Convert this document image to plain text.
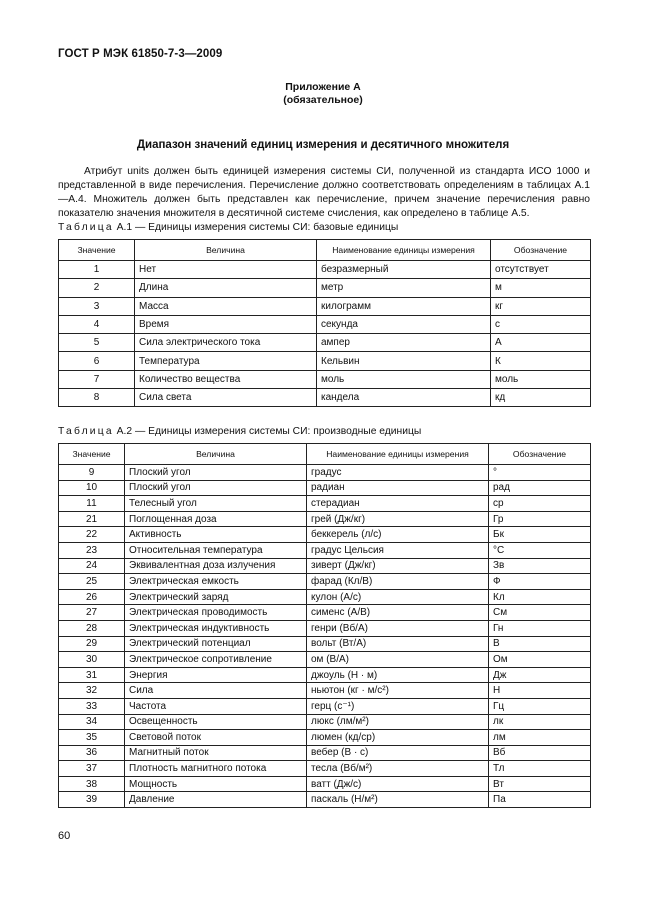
ГОСТ Р МЭК 61850-7-3—2009
Приложение А
(обязательное)
Диапазон значений единиц измерения и десятичного множителя
Атрибут units должен быть единицей измерения системы СИ, полученной из стандарта ИСО 1000 и представленной в виде перечисления. Перечисление должно соответствовать определениям в таблицах А.1—А.4. Множитель должен быть представлен как перечисление, причем значение перечисления равно показателю значения множителя в десятичной системе счисления, как определено в таблице А.5.
Таблица А.1 — Единицы измерения системы СИ: базовые единицы
Значение	Величина	Наименование единицы измерения	Обозначение
1	Нет	безразмерный	отсутствует
2	Длина	метр	м
3	Масса	килограмм	кг
4	Время	секунда	с
5	Сила электрического тока	ампер	А
6	Температура	Кельвин	К
7	Количество вещества	моль	моль
8	Сила света	кандела	кд
Таблица А.2 — Единицы измерения системы СИ: производные единицы
Значение	Величина	Наименование единицы измерения	Обозначение
9	Плоский угол	градус	°
10	Плоский угол	радиан	рад
11	Телесный угол	стерадиан	ср
21	Поглощенная доза	грей (Дж/кг)	Гр
22	Активность	беккерель (л/с)	Бк
23	Относительная температура	градус Цельсия	°С
24	Эквивалентная доза излучения	зиверт (Дж/кг)	Зв
25	Электрическая емкость	фарад (Кл/В)	Ф
26	Электрический заряд	кулон (А/с)	Кл
27	Электрическая проводимость	сименс (А/В)	См
28	Электрическая индуктивность	генри (Вб/А)	Гн
29	Электрический потенциал	вольт (Вт/А)	В
30	Электрическое сопротивление	ом (В/А)	Ом
31	Энергия	джоуль (Н · м)	Дж
32	Сила	ньютон (кг · м/с²)	Н
33	Частота	герц (с⁻¹)	Гц
34	Освещенность	люкс (лм/м²)	лк
35	Световой поток	люмен (кд/ср)	лм
36	Магнитный поток	вебер (В · с)	Вб
37	Плотность магнитного потока	тесла (Вб/м²)	Тл
38	Мощность	ватт (Дж/с)	Вт
39	Давление	паскаль (Н/м²)	Па
60
